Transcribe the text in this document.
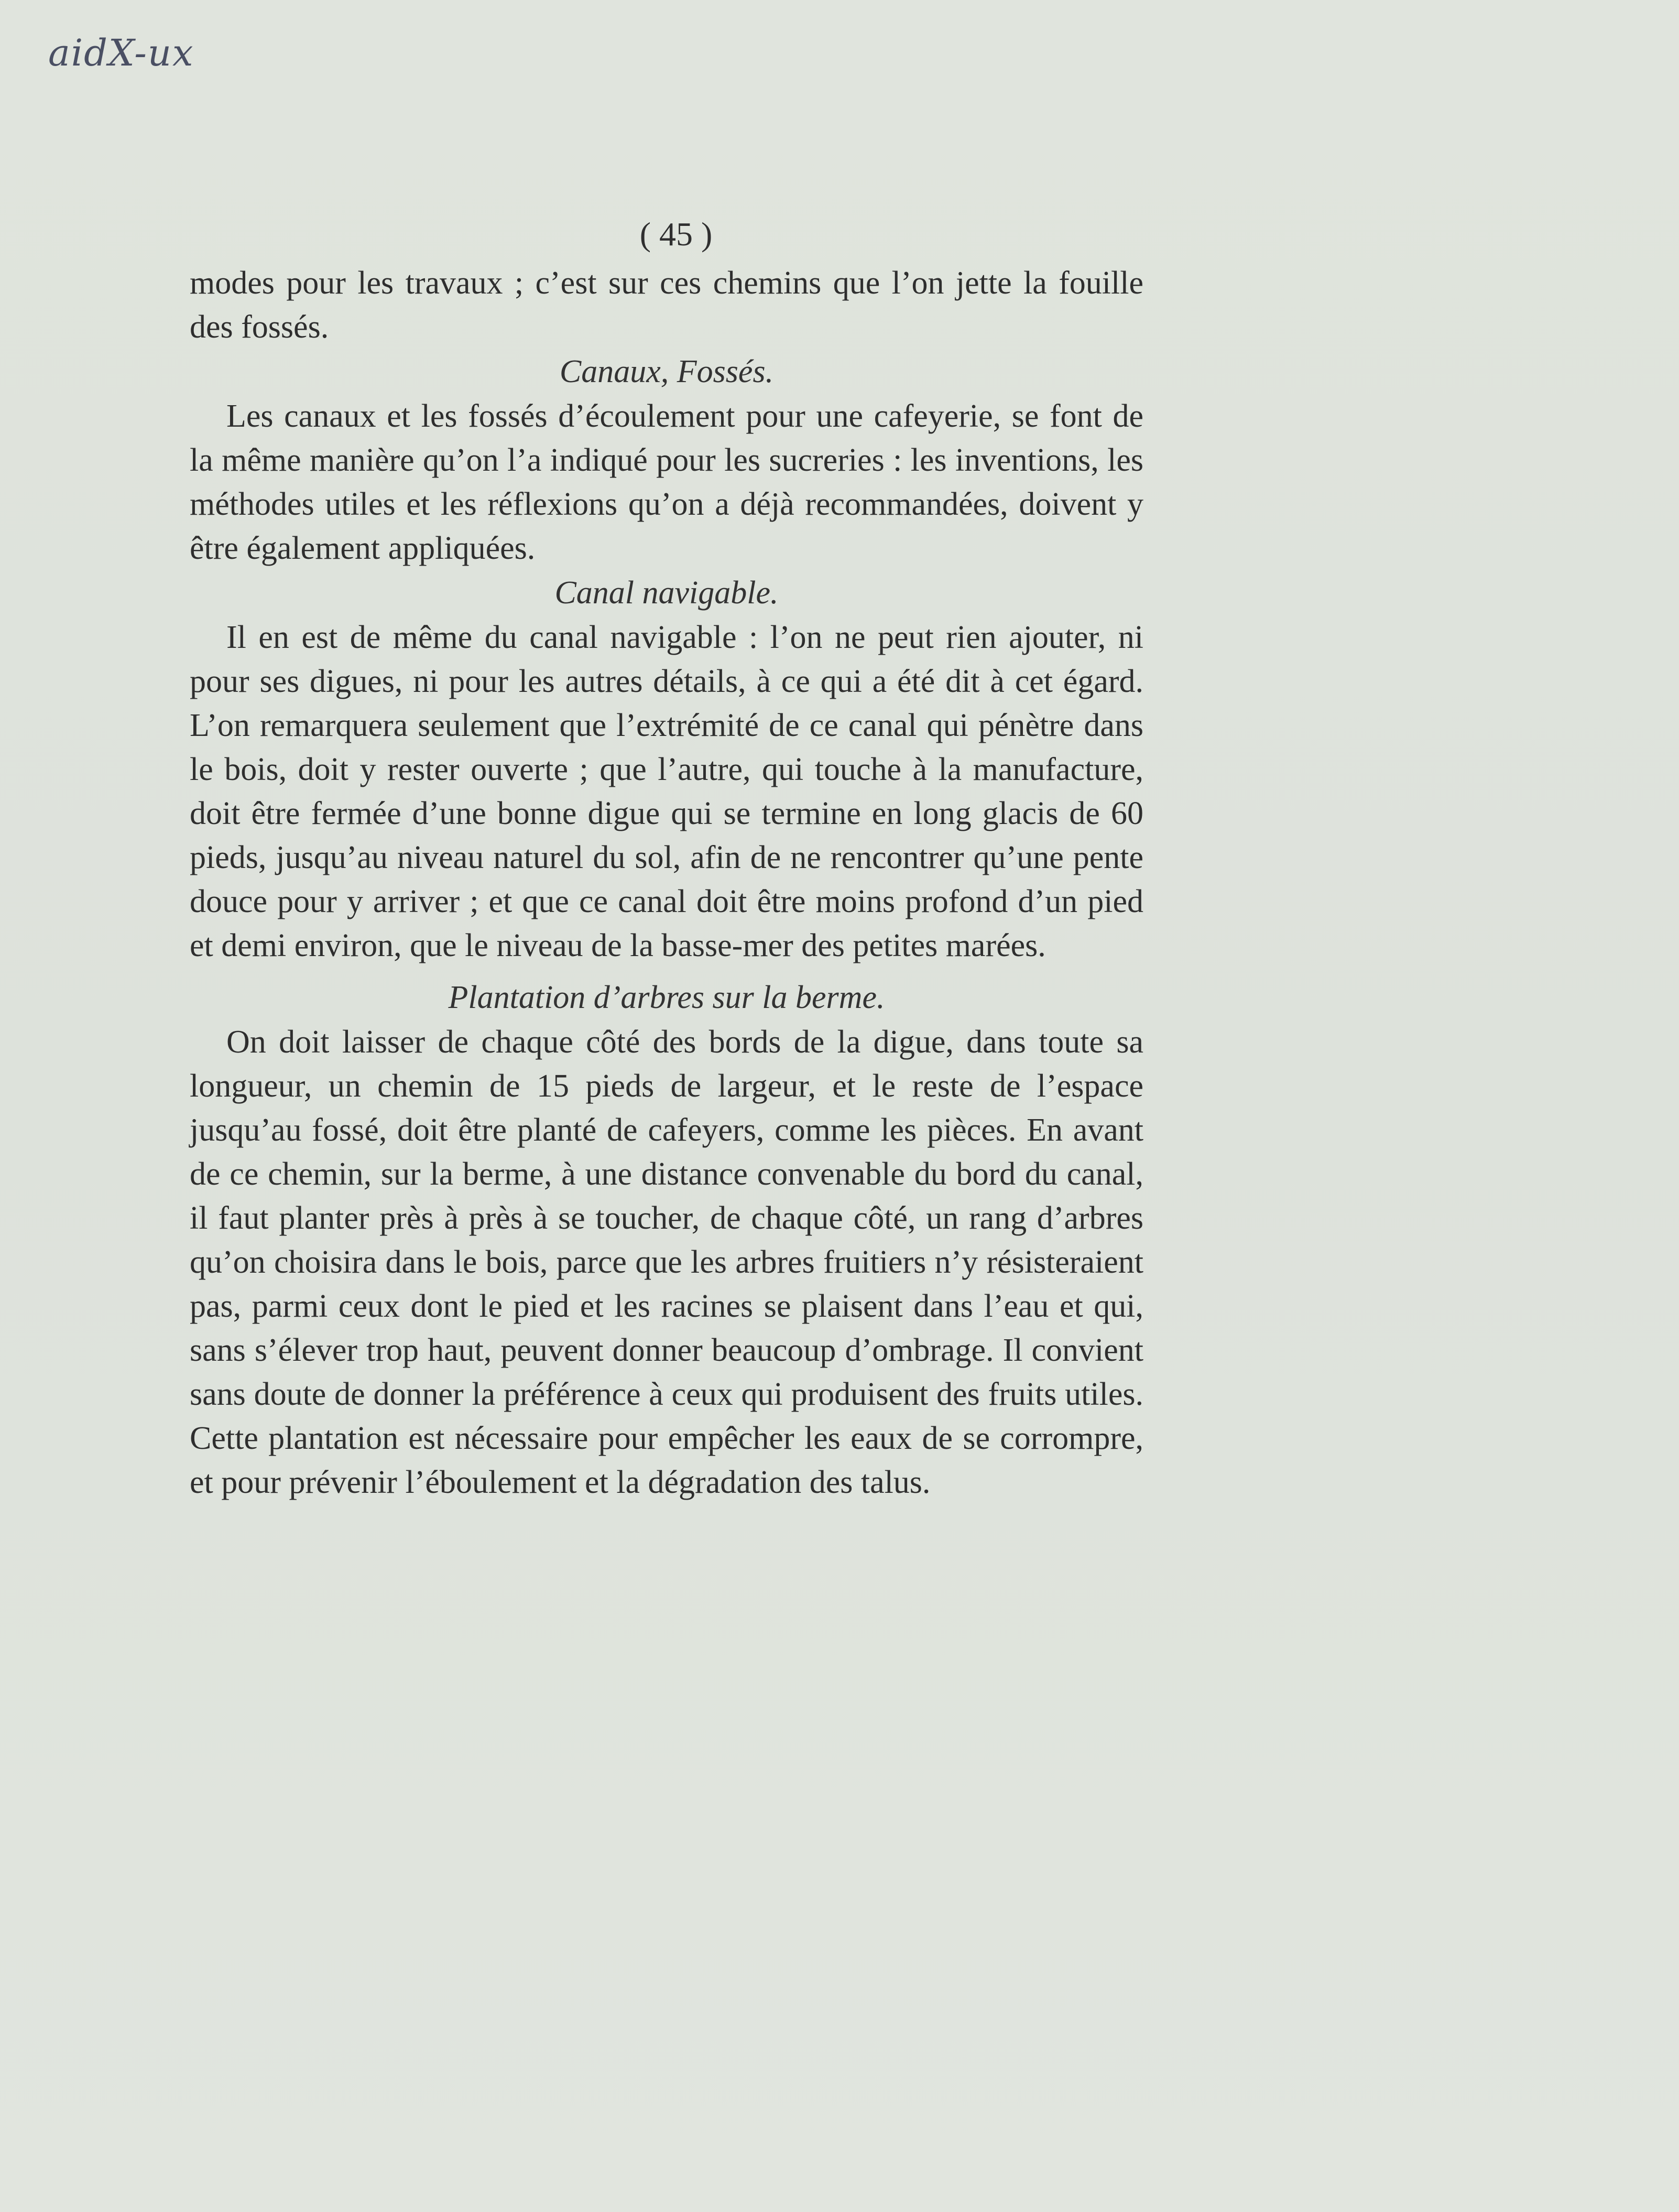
aidX-ux
( 45 )

modes pour les travaux ; c’est sur ces chemins que l’on jette la fouille des fossés.

Canaux, Fossés.

Les canaux et les fossés d’écoulement pour une cafeyerie, se font de la même manière qu’on l’a indiqué pour les sucreries : les inventions, les méthodes utiles et les réflexions qu’on a déjà recommandées, doivent y être également appliquées.

Canal navigable.

Il en est de même du canal navigable : l’on ne peut rien ajouter, ni pour ses digues, ni pour les autres détails, à ce qui a été dit à cet égard. L’on remarquera seulement que l’extrémité de ce canal qui pénètre dans le bois, doit y rester ouverte ; que l’autre, qui touche à la manufacture, doit être fermée d’une bonne digue qui se termine en long glacis de 60 pieds, jusqu’au niveau naturel du sol, afin de ne rencontrer qu’une pente douce pour y arriver ; et que ce canal doit être moins profond d’un pied et demi environ, que le niveau de la basse-mer des petites marées.

Plantation d’arbres sur la berme.

On doit laisser de chaque côté des bords de la digue, dans toute sa longueur, un chemin de 15 pieds de largeur, et le reste de l’espace jusqu’au fossé, doit être planté de cafeyers, comme les pièces. En avant de ce chemin, sur la berme, à une distance convenable du bord du canal, il faut planter près à près à se toucher, de chaque côté, un rang d’arbres qu’on choisira dans le bois, parce que les arbres fruitiers n’y résisteraient pas, parmi ceux dont le pied et les racines se plaisent dans l’eau et qui, sans s’élever trop haut, peuvent donner beaucoup d’ombrage. Il convient sans doute de donner la préférence à ceux qui produisent des fruits utiles. Cette plantation est nécessaire pour empêcher les eaux de se corrompre, et pour prévenir l’éboulement et la dégradation des talus.
